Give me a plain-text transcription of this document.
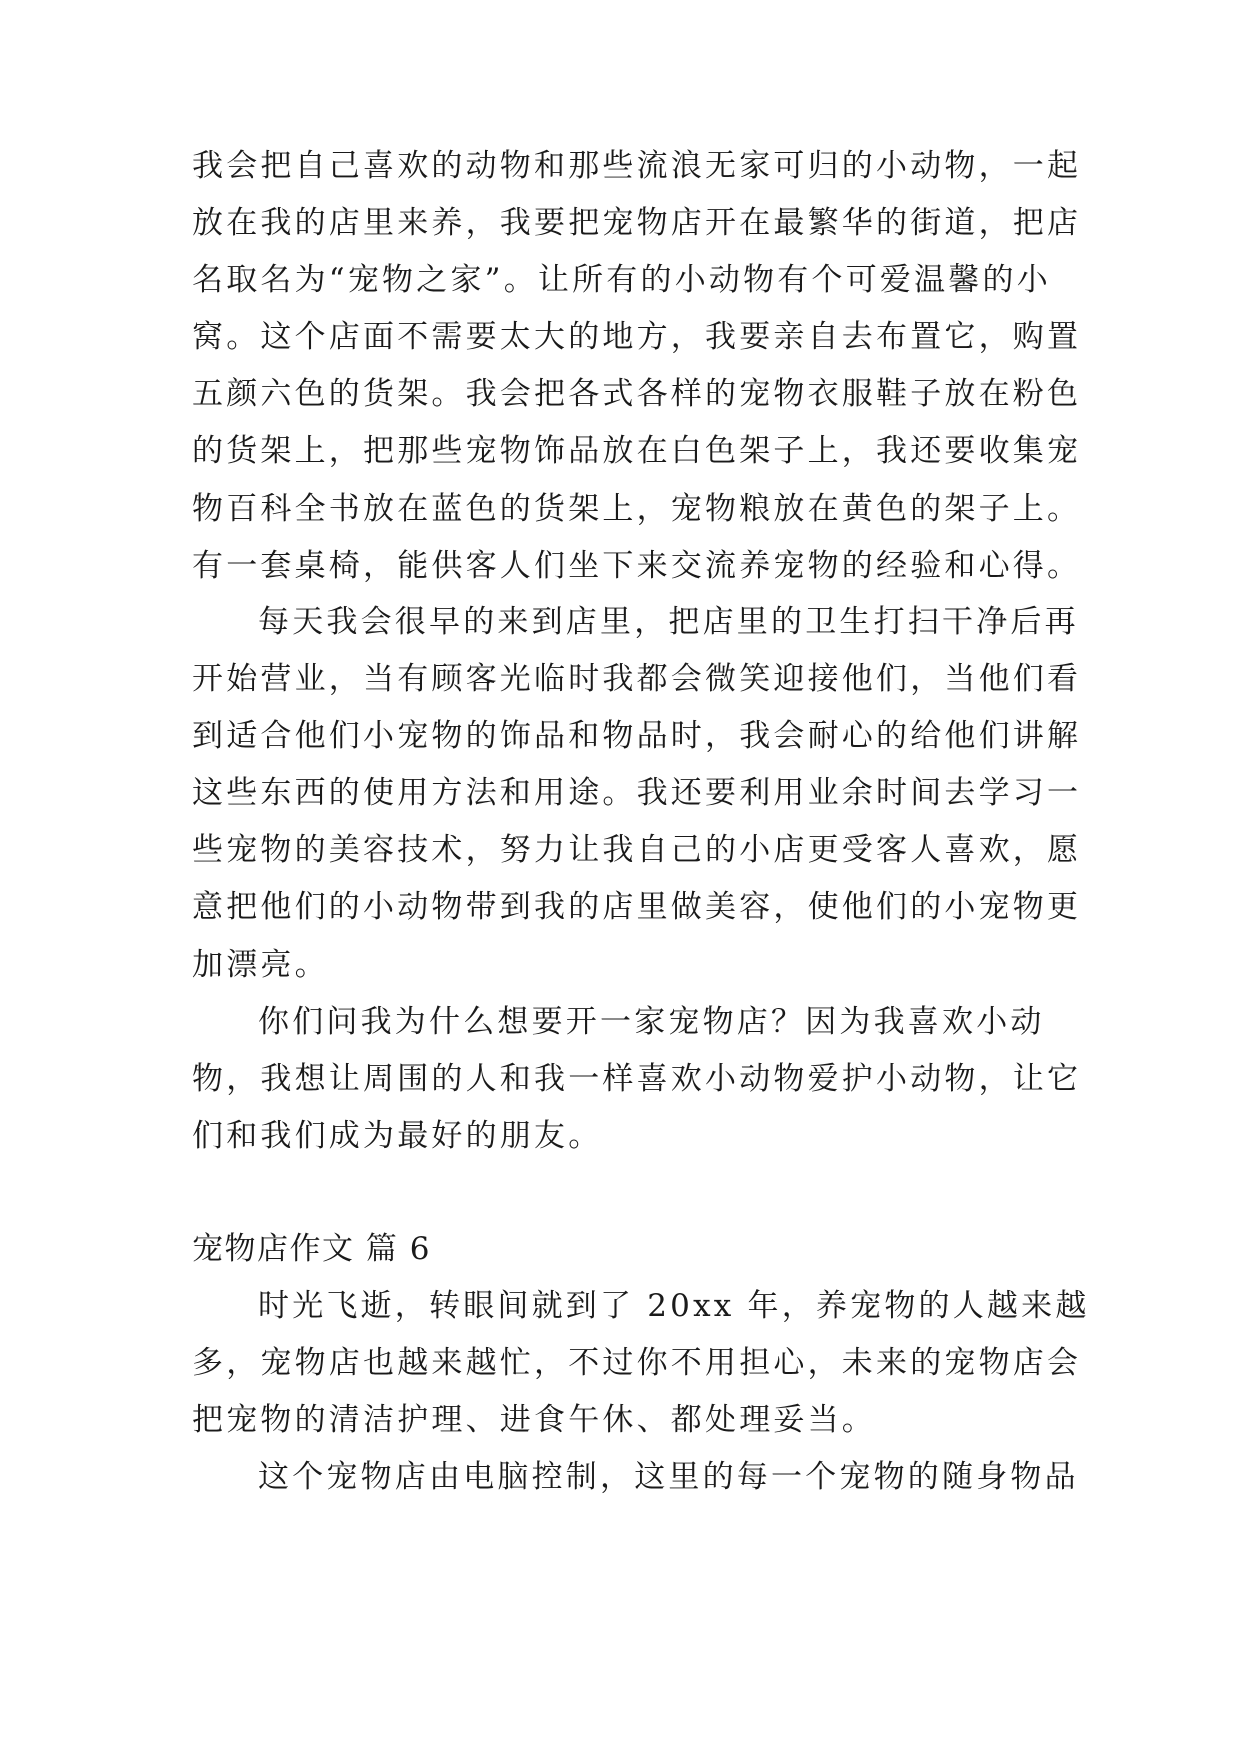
我会把自己喜欢的动物和那些流浪无家可归的小动物，一起
放在我的店里来养，我要把宠物店开在最繁华的街道，把店
名取名为“宠物之家”。让所有的小动物有个可爱温馨的小
窝。这个店面不需要太大的地方，我要亲自去布置它，购置
五颜六色的货架。我会把各式各样的宠物衣服鞋子放在粉色
的货架上，把那些宠物饰品放在白色架子上，我还要收集宠
物百科全书放在蓝色的货架上，宠物粮放在黄色的架子上。
有一套桌椅，能供客人们坐下来交流养宠物的经验和心得。
每天我会很早的来到店里，把店里的卫生打扫干净后再
开始营业，当有顾客光临时我都会微笑迎接他们，当他们看
到适合他们小宠物的饰品和物品时，我会耐心的给他们讲解
这些东西的使用方法和用途。我还要利用业余时间去学习一
些宠物的美容技术，努力让我自己的小店更受客人喜欢，愿
意把他们的小动物带到我的店里做美容，使他们的小宠物更
加漂亮。
你们问我为什么想要开一家宠物店？因为我喜欢小动
物，我想让周围的人和我一样喜欢小动物爱护小动物，让它
们和我们成为最好的朋友。
宠物店作文 篇 6
时光飞逝，转眼间就到了 20xx 年，养宠物的人越来越
多，宠物店也越来越忙，不过你不用担心，未来的宠物店会
把宠物的清洁护理、进食午休、都处理妥当。
这个宠物店由电脑控制，这里的每一个宠物的随身物品
